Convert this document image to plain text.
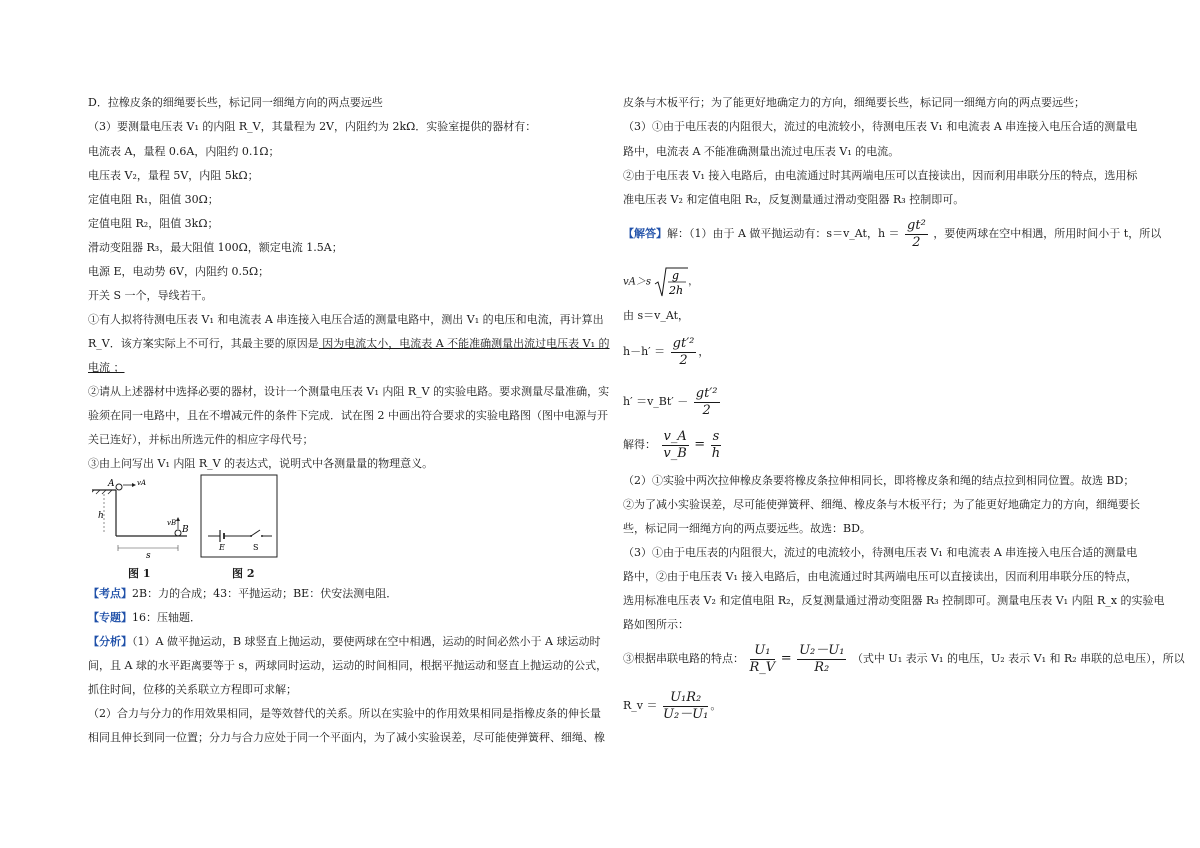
D．拉橡皮条的细绳要长些，标记同一细绳方向的两点要远些
（3）要测量电压表 V₁ 的内阻 R_V，其量程为 2V，内阻约为 2kΩ．实验室提供的器材有：
电流表 A，量程 0.6A，内阻约 0.1Ω；
电压表 V₂，量程 5V，内阻 5kΩ；
定值电阻 R₁，阻值 30Ω；
定值电阻 R₂，阻值 3kΩ；
滑动变阻器 R₃，最大阻值 100Ω，额定电流 1.5A；
电源 E，电动势 6V，内阻约 0.5Ω；
开关 S 一个，导线若干。
①有人拟将待测电压表 V₁ 和电流表 A 串连接入电压合适的测量电路中，测出 V₁ 的电压和电流，再计算出
R_V．该方案实际上不可行，其最主要的原因是 因为电流太小，电流表 A 不能准确测量出流过电压表 V₁ 的
电流 ；
②请从上述器材中选择必要的器材，设计一个测量电压表 V₁ 内阻 R_V 的实验电路。要求测量尽量准确，实
验须在同一电路中，且在不增减元件的条件下完成．试在图 2 中画出符合要求的实验电路图（图中电源与开
关已连好），并标出所选元件的相应字母代号；
③由上问写出 V₁ 内阻 R_V 的表达式，说明式中各测量量的物理意义。
A	vA
B
vB
h
s
图 1
E	S
图 2
【考点】2B：力的合成；43：平抛运动；BE：伏安法测电阻．
【专题】16：压轴题．
【分析】（1）A 做平抛运动，B 球竖直上抛运动，要使两球在空中相遇，运动的时间必然小于 A 球运动时
间，且 A 球的水平距离要等于 s，两球同时运动，运动的时间相同，根据平抛运动和竖直上抛运动的公式，
抓住时间，位移的关系联立方程即可求解；
（2）合力与分力的作用效果相同，是等效替代的关系。所以在实验中的作用效果相同是指橡皮条的伸长量
相同且伸长到同一位置；分力与合力应处于同一个平面内，为了减小实验误差，尽可能使弹簧秤、细绳、橡
皮条与木板平行；为了能更好地确定力的方向，细绳要长些，标记同一细绳方向的两点要远些；
（3）①由于电压表的内阻很大，流过的电流较小，待测电压表 V₁ 和电流表 A 串连接入电压合适的测量电
路中，电流表 A 不能准确测量出流过电压表 V₁ 的电流。
②由于电压表 V₁ 接入电路后，由电流通过时其两端电压可以直接读出，因而利用串联分压的特点，选用标
准电压表 V₂ 和定值电阻 R₂，反复测量通过滑动变阻器 R₃ 控制即可。
【解答】解：（1）由于 A 做平抛运动有：s＝v_At，$h = \frac{\text{gt²}}{2}$ ，要使两球在空中相遇，所用时间小于 t，所以
vA＞s g
2h
，
由 s＝v_At，
$h-h' = \frac{\text{gt′²}}{2}$ ，
h′ ＝v_Bt′ － $\frac{\text{gt′²}}{2}$
解得： $\frac{v\_A}{v\_B} = \frac{s}{h}$
（2）①实验中两次拉伸橡皮条要将橡皮条拉伸相同长，即将橡皮条和绳的结点拉到相同位置。故选 BD；
②为了减小实验误差，尽可能使弹簧秤、细绳、橡皮条与木板平行；为了能更好地确定力的方向，细绳要长
些，标记同一细绳方向的两点要远些。故选：BD。
（3）①由于电压表的内阻很大，流过的电流较小，待测电压表 V₁ 和电流表 A 串连接入电压合适的测量电
路中，②由于电压表 V₁ 接入电路后，由电流通过时其两端电压可以直接读出，因而利用串联分压的特点，
选用标准电压表 V₂ 和定值电阻 R₂，反复测量通过滑动变阻器 R₃ 控制即可。测量电压表 V₁ 内阻 R_x 的实验电
路如图所示：
③根据串联电路的特点： $\frac{\text{U₁}}{R\_V} = \frac{\text{U₂－U₁}}{\text{R₂}}$ （式中 U₁ 表示 V₁ 的电压，U₂ 表示 V₁ 和 R₂ 串联的总电压），所以
R_v ＝ $\frac{\text{U₁R₂}}{\text{U₂－U₁}}$ 。
